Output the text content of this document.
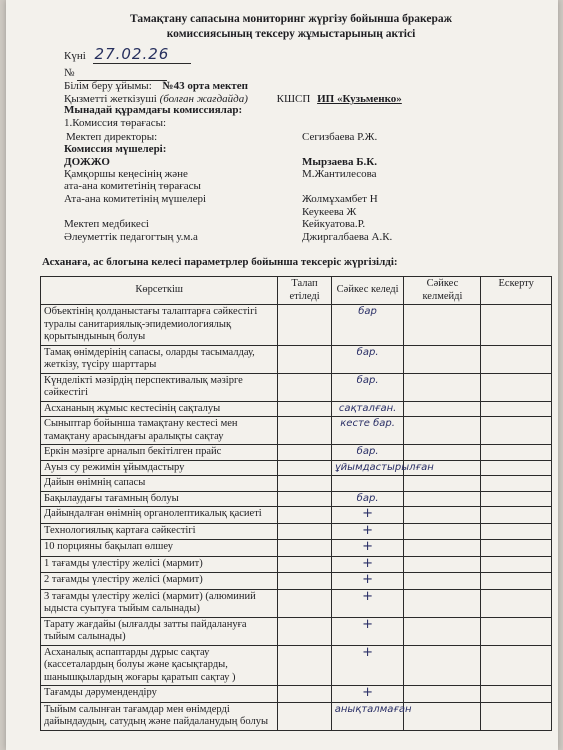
Тамақтану сапасына мониторинг жүргізу бойынша бракераж
комиссиясының тексеру жұмыстарының актісі
Күні 27.02.26
№
Білім беру ұйымы: №43 орта мектеп
Қызметті жеткізуші (болған жағдайда)	КШСП ИП «Кузьменко»
Мынадай құрамдағы комиссиялар:
1.Комиссия төрағасы:
Мектеп директоры:	Сегизбаева Р.Ж.
Комиссия мүшелері:
ДОЖЖО	Мырзаева Б.К.
Қамқоршы кеңесінің және	М.Жантилесова
ата-ана комитетінің төрағасы
Ата-ана комитетінің мүшелері	Жолмұхамбет Н
Кеукеева Ж
Мектеп медбикесі	Кейкуатова.Р.
Әлеуметтік педагогтың у.м.а	Джиргалбаева А.К.
Асханаға, ас блогына келесі параметрлер бойынша тексеріс жүргізілді:
Көрсеткіш	Талап етіледі	Сәйкес келеді	Сәйкес келмейді	Ескерту
Объектінің қолданыстағы талаптарға сәйкестігі туралы санитариялық-эпидемиологиялық қорытындының болуы		бар		
Тамақ өнімдерінің сапасы, оларды тасымалдау, жеткізу, түсіру шарттары		бар.		
Күнделікті мәзірдің перспективалық мәзірге сәйкестігі		бар.		
Асхананың жұмыс кестесінің сақталуы		сақталған.		
Сыныптар бойынша тамақтану кестесі мен тамақтану арасындағы аралықты сақтау		кесте бар.		
Еркін мәзірге арналып бекітілген прайс		бар.		
Ауыз су режимін ұйымдастыру		ұйымдастырылған		
Дайын өнімнің сапасы				
Бақылаудағы тағамның болуы		бар.		
Дайындалған өнімнің органолептикалық қасиеті		+		
Технологиялық картаға сәйкестігі		+		
10 порцияны бақылап өлшеу		+		
1 тағамды үлестіру желісі (мармит)		+		
2 тағамды үлестіру желісі (мармит)		+		
3 тағамды үлестіру желісі (мармит) (алюминий ыдыста суытуға тыйым салынады)		+		
Тарату жағдайы (ылғалды затты пайдалануға тыйым салынады)		+		
Асханалық аспаптарды дұрыс сақтау (кассеталардың болуы және қасықтарды, шанышқылардың жоғары қаратып сақтау )		+		
Тағамды дәрумендендіру		+		
Тыйым салынған тағамдар мен өнімдерді дайындаудың, сатудың және пайдаланудың болуы		анықталмаған		
